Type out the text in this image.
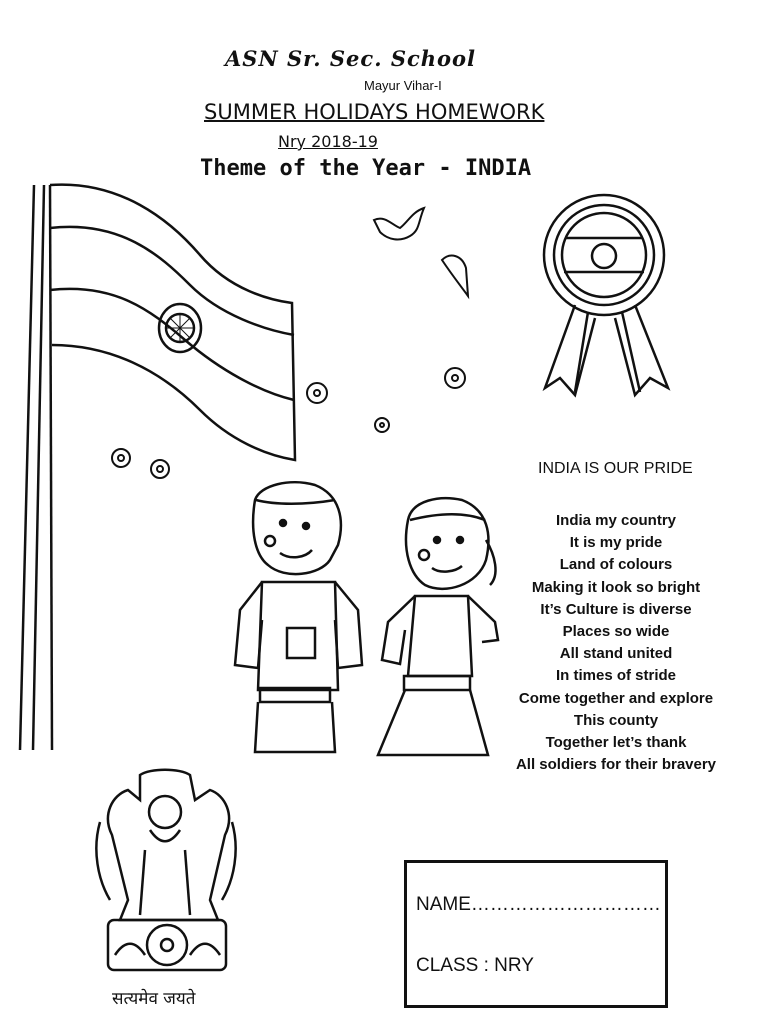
ASN Sr. Sec. School
Mayur Vihar-I
SUMMER HOLIDAYS HOMEWORK
Nry 2018-19
Theme of the Year - INDIA
INDIA IS OUR PRIDE
India my country
It is my pride
Land of colours
Making it look so bright
It’s Culture is diverse
Places so wide
All stand united
In times of stride
Come together and explore
This county
Together let’s thank
All soldiers for their bravery
NAME…………………………
CLASS : NRY
सत्यमेव जयते
